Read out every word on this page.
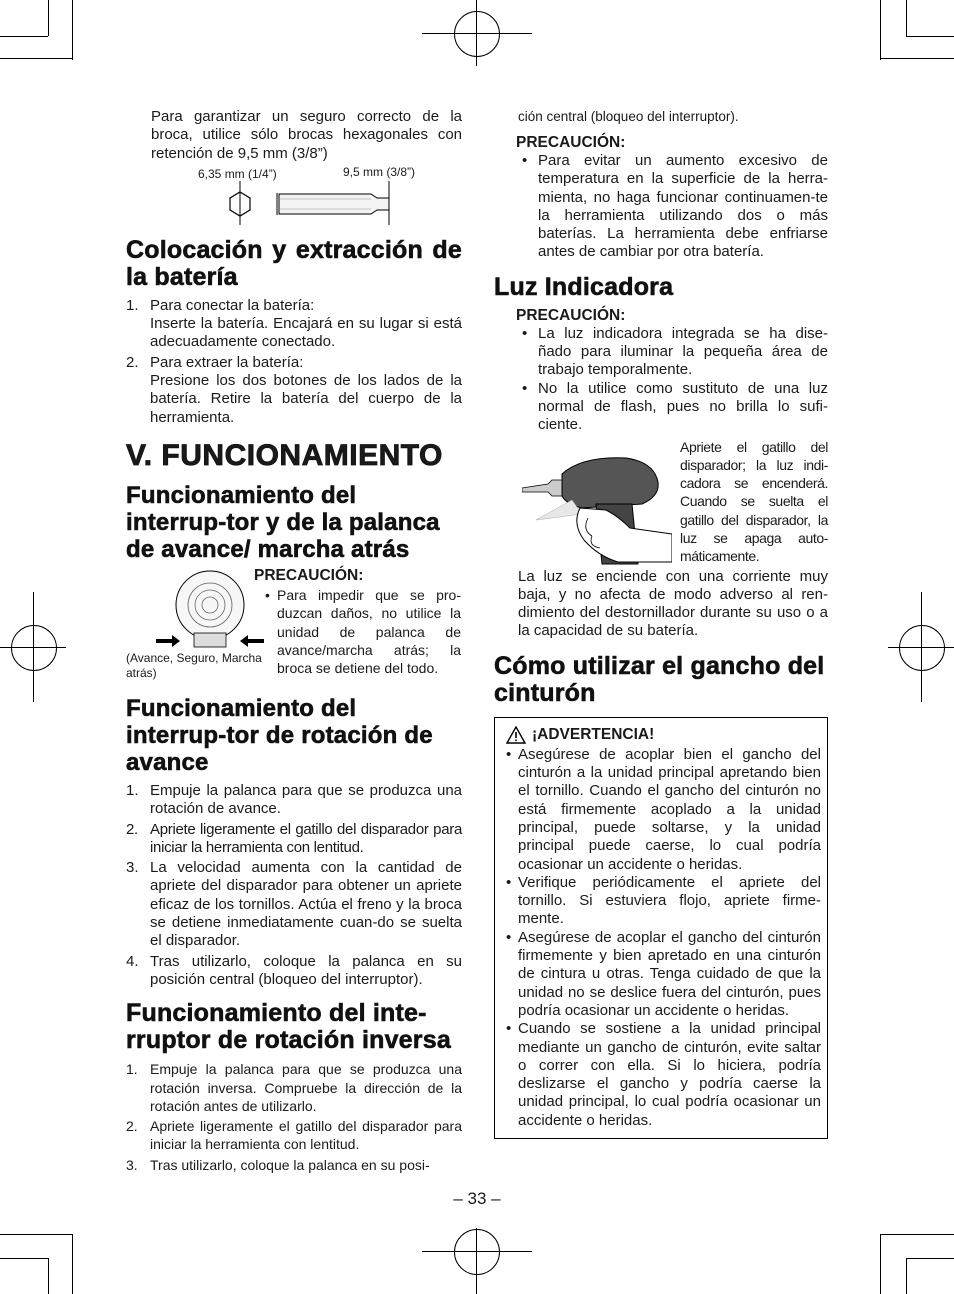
Para garantizar un seguro correcto de la broca, utilice sólo brocas hexagonales con retención de 9,5 mm (3/8”)

6,35 mm (1/4”)	9,5 mm (3/8”)
Colocación y extracción de la batería
1. Para conectar la batería:
Inserte la batería. Encajará en su lugar si está adecuadamente conectado.
2. Para extraer la batería:
Presione los dos botones de los lados de la batería. Retire la batería del cuerpo de la herramienta.
V. FUNCIONAMIENTO
Funcionamiento del interrup-tor y de la palanca de avance/ marcha atrás
(Avance, Seguro, Marcha atrás)
PRECAUCIÓN:
• Para impedir que se pro-duzcan daños, no utilice la unidad de palanca de avance/marcha atrás; la broca se detiene del todo.
Funcionamiento del interrup-tor de rotación de avance
1. Empuje la palanca para que se produzca una rotación de avance.
2. Apriete ligeramente el gatillo del disparador para iniciar la herramienta con lentitud.
3. La velocidad aumenta con la cantidad de apriete del disparador para obtener un apriete eficaz de los tornillos. Actúa el freno y la broca se detiene inmediatamente cuan-do se suelta el disparador.
4. Tras utilizarlo, coloque la palanca en su posición central (bloqueo del interruptor).
Funcionamiento del inte-rruptor de rotación inversa
1. Empuje la palanca para que se produzca una rotación inversa. Compruebe la dirección de la rotación antes de utilizarlo.
2. Apriete ligeramente el gatillo del disparador para iniciar la herramienta con lentitud.
3. Tras utilizarlo, coloque la palanca en su posi-

ción central (bloqueo del interruptor).

PRECAUCIÓN:
• Para evitar un aumento excesivo de temperatura en la superficie de la herra-mienta, no haga funcionar continuamen-te la herramienta utilizando dos o más baterías. La herramienta debe enfriarse antes de cambiar por otra batería.
Luz Indicadora
PRECAUCIÓN:
• La luz indicadora integrada se ha dise-ñado para iluminar la pequeña área de trabajo temporalmente.
• No la utilice como sustituto de una luz normal de flash, pues no brilla lo sufi-ciente.
Apriete el gatillo del disparador; la luz indi-cadora se encenderá. Cuando se suelta el gatillo del disparador, la luz se apaga auto-máticamente.

La luz se enciende con una corriente muy baja, y no afecta de modo adverso al ren-dimiento del destornillador durante su uso o a la capacidad de su batería.

Cómo utilizar el gancho del cinturón
¡ADVERTENCIA!
• Asegúrese de acoplar bien el gancho del cinturón a la unidad principal apretando bien el tornillo. Cuando el gancho del cinturón no está firmemente acoplado a la unidad principal, puede soltarse, y la unidad principal puede caerse, lo cual podría ocasionar un accidente o heridas.
• Verifique periódicamente el apriete del tornillo. Si estuviera flojo, apriete firme-mente.
• Asegúrese de acoplar el gancho del cinturón firmemente y bien apretado en una cinturón de cintura u otras. Tenga cuidado de que la unidad no se deslice fuera del cinturón, pues podría ocasionar un accidente o heridas.
• Cuando se sostiene a la unidad principal mediante un gancho de cinturón, evite saltar o correr con ella. Si lo hiciera, podría deslizarse el gancho y podría caerse la unidad principal, lo cual podría ocasionar un accidente o heridas.
– 33 –
